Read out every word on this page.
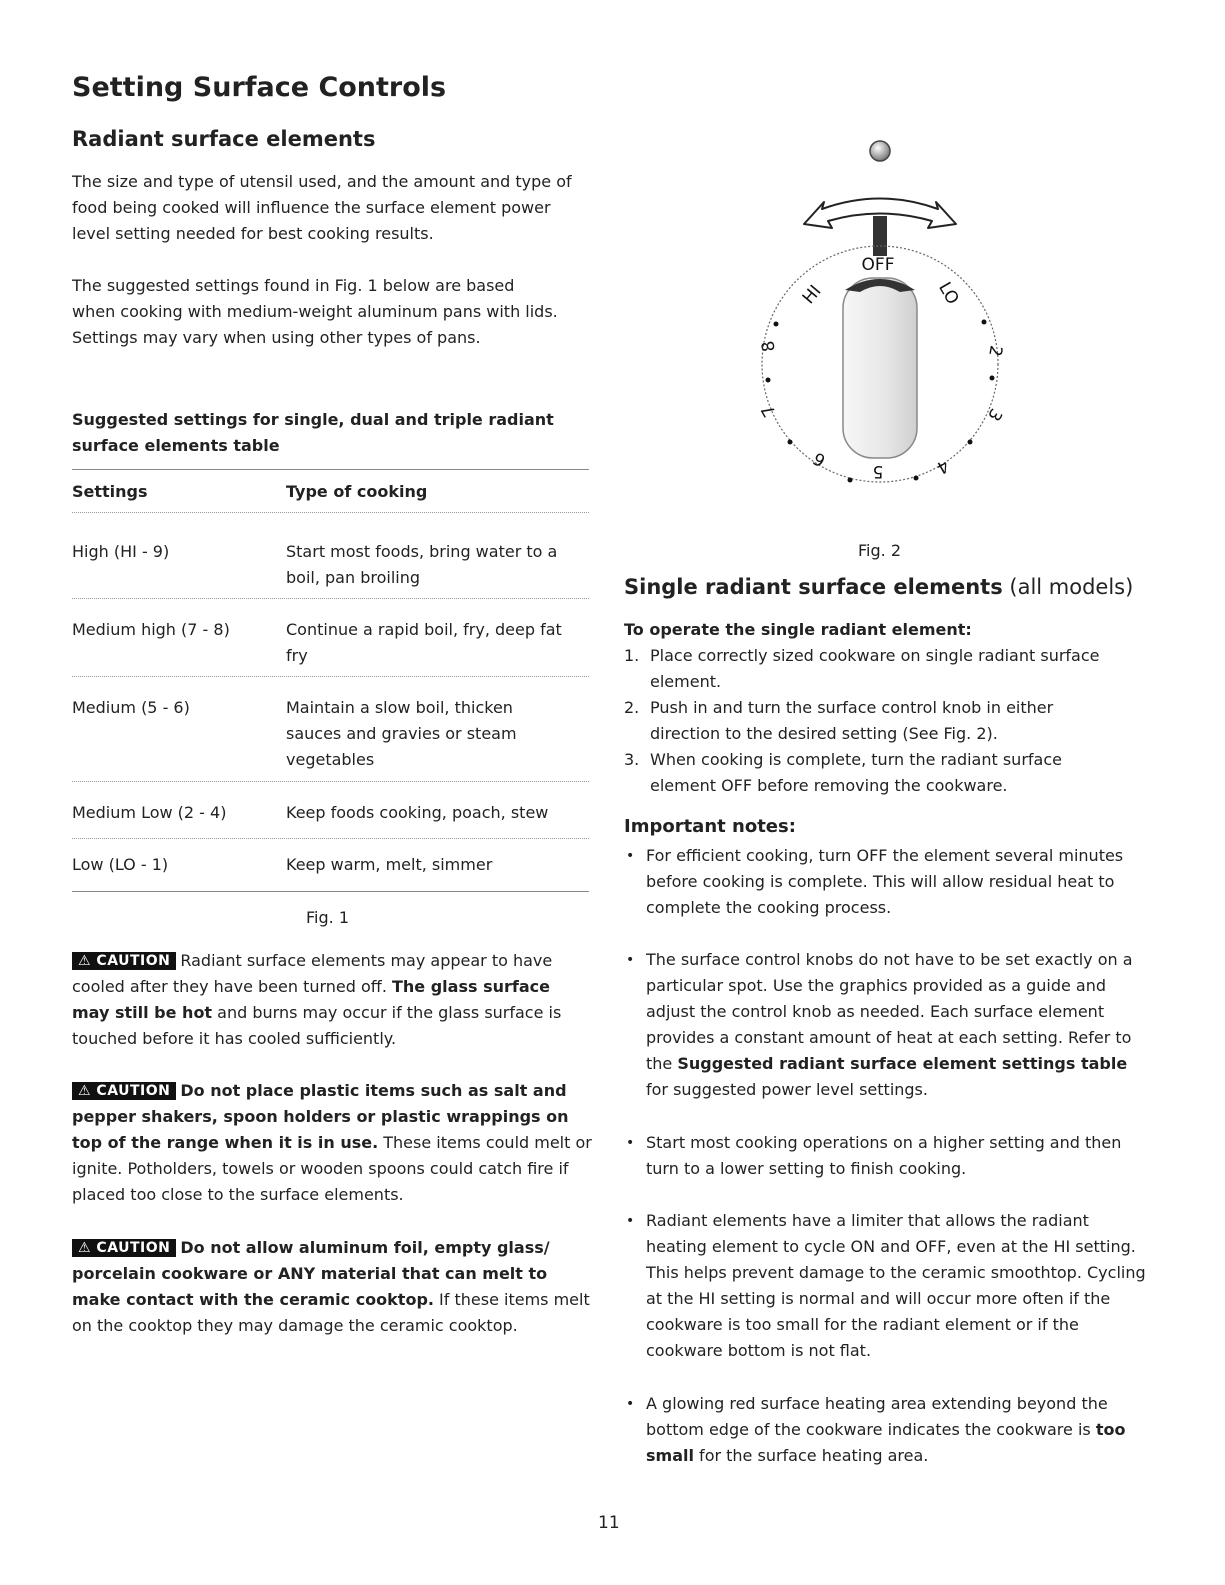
Setting Surface Controls
Radiant surface elements

The size and type of utensil used, and the amount and type of food being cooked will influence the surface element power level setting needed for best cooking results.

The suggested settings found in Fig. 1 below are based when cooking with medium-weight aluminum pans with lids. Settings may vary when using other types of pans.

Suggested settings for single, dual and triple radiant surface elements table

Settings	Type of cooking
High (HI - 9)	Start most foods, bring water to a boil, pan broiling
Medium high (7 - 8)	Continue a rapid boil, fry, deep fat fry
Medium (5 - 6)	Maintain a slow boil, thicken sauces and gravies or steam vegetables
Medium Low (2 - 4)	Keep foods cooking, poach, stew
Low (LO - 1)	Keep warm, melt, simmer
Fig. 1

⚠ CAUTION Radiant surface elements may appear to have cooled after they have been turned off. The glass surface may still be hot and burns may occur if the glass surface is touched before it has cooled sufficiently.

⚠ CAUTION Do not place plastic items such as salt and pepper shakers, spoon holders or plastic wrappings on top of the range when it is in use. These items could melt or ignite. Potholders, towels or wooden spoons could catch fire if placed too close to the surface elements.

⚠ CAUTION Do not allow aluminum foil, empty glass/ porcelain cookware or ANY material that can melt to make contact with the ceramic cooktop. If these items melt on the cooktop they may damage the ceramic cooktop.

OFF
HI	LO
2
3
4
5
6
7
8
Fig. 2
Single radiant surface elements (all models)

To operate the single radiant element:

1. Place correctly sized cookware on single radiant surface element.
2. Push in and turn the surface control knob in either direction to the desired setting (See Fig. 2).
3. When cooking is complete, turn the radiant surface element OFF before removing the cookware.
Important notes:
• For efficient cooking, turn OFF the element several minutes before cooking is complete. This will allow residual heat to complete the cooking process.
• The surface control knobs do not have to be set exactly on a particular spot. Use the graphics provided as a guide and adjust the control knob as needed. Each surface element provides a constant amount of heat at each setting. Refer to the Suggested radiant surface element settings table for suggested power level settings.
• Start most cooking operations on a higher setting and then turn to a lower setting to finish cooking.
• Radiant elements have a limiter that allows the radiant heating element to cycle ON and OFF, even at the HI setting. This helps prevent damage to the ceramic smoothtop. Cycling at the HI setting is normal and will occur more often if the cookware is too small for the radiant element or if the cookware bottom is not flat.
• A glowing red surface heating area extending beyond the bottom edge of the cookware indicates the cookware is too small for the surface heating area.
11
